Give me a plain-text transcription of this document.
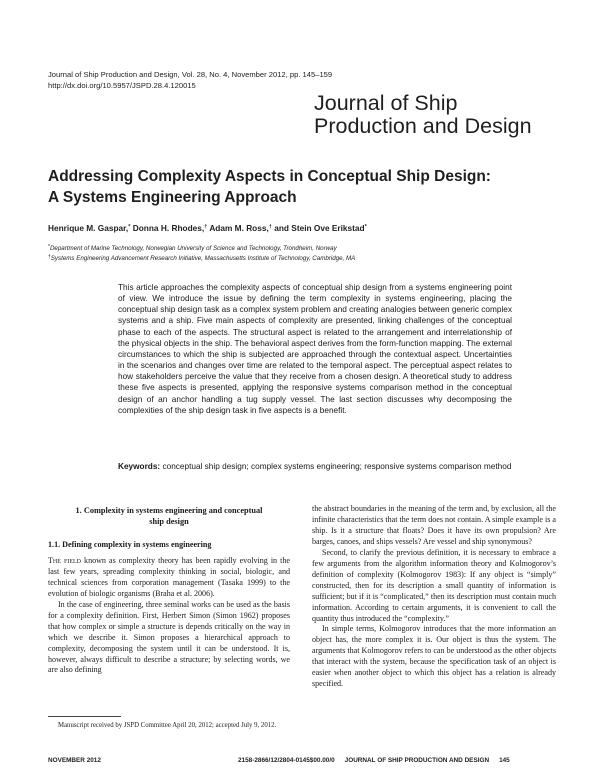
Journal of Ship Production and Design, Vol. 28, No. 4, November 2012, pp. 145–159
http://dx.doi.org/10.5957/JSPD.28.4.120015
Journal of Ship
Production and Design
Addressing Complexity Aspects in Conceptual Ship Design:
A Systems Engineering Approach
Henrique M. Gaspar,* Donna H. Rhodes,† Adam M. Ross,† and Stein Ove Erikstad*
*Department of Marine Technology, Norwegian University of Science and Technology, Trondheim, Norway
†Systems Engineering Advancement Research Initiative, Massachusetts Institute of Technology, Cambridge, MA
This article approaches the complexity aspects of conceptual ship design from a systems engineering point of view. We introduce the issue by defining the term complexity in systems engineering, placing the conceptual ship design task as a complex system problem and creating analogies between generic complex systems and a ship. Five main aspects of complexity are presented, linking challenges of the conceptual phase to each of the aspects. The structural aspect is related to the arrangement and interrelationship of the physical objects in the ship. The behavioral aspect derives from the form-function mapping. The external circumstances to which the ship is subjected are approached through the contextual aspect. Uncertainties in the scenarios and changes over time are related to the temporal aspect. The perceptual aspect relates to how stakeholders perceive the value that they receive from a chosen design. A theoretical study to address these five aspects is presented, applying the responsive systems comparison method in the conceptual design of an anchor handling a tug supply vessel. The last section discusses why decomposing the complexities of the ship design task in five aspects is a benefit.
Keywords: conceptual ship design; complex systems engineering; responsive systems comparison method
1. Complexity in systems engineering and conceptual ship design
1.1. Defining complexity in systems engineering

The field known as complexity theory has been rapidly evolving in the last few years, spreading complexity thinking in social, biologic, and technical sciences from corporation management (Tasaka 1999) to the evolution of biologic organisms (Braha et al. 2006).

In the case of engineering, three seminal works can be used as the basis for a complexity definition. First, Herbert Simon (Simon 1962) proposes that how complex or simple a structure is depends critically on the way in which we describe it. Simon proposes a hierarchical approach to complexity, decomposing the system until it can be understood. It is, however, always difficult to describe a structure; by selecting words, we are also defining

the abstract boundaries in the meaning of the term and, by exclusion, all the infinite characteristics that the term does not contain. A simple example is a ship. Is it a structure that floats? Does it have its own propulsion? Are barges, canoes, and ships vessels? Are vessel and ship synonymous?

Second, to clarify the previous definition, it is necessary to embrace a few arguments from the algorithm information theory and Kolmogorov’s definition of complexity (Kolmogorov 1983): If any object is “simply” constructed, then for its description a small quantity of information is sufficient; but if it is “complicated,” then its description must contain much information. According to certain arguments, it is convenient to call the quantity thus introduced the “complexity.”

In simple terms, Kolmogorov introduces that the more information an object has, the more complex it is. Our object is thus the system. The arguments that Kolmogorov refers to can be understood as the other objects that interact with the system, because the specification task of an object is easier when another object to which this object has a relation is already specified.

Manuscript received by JSPD Committee April 20, 2012; accepted July 9, 2012.

NOVEMBER 2012	2158-2866/12/2804-0145$00.00/0 JOURNAL OF SHIP PRODUCTION AND DESIGN 145
